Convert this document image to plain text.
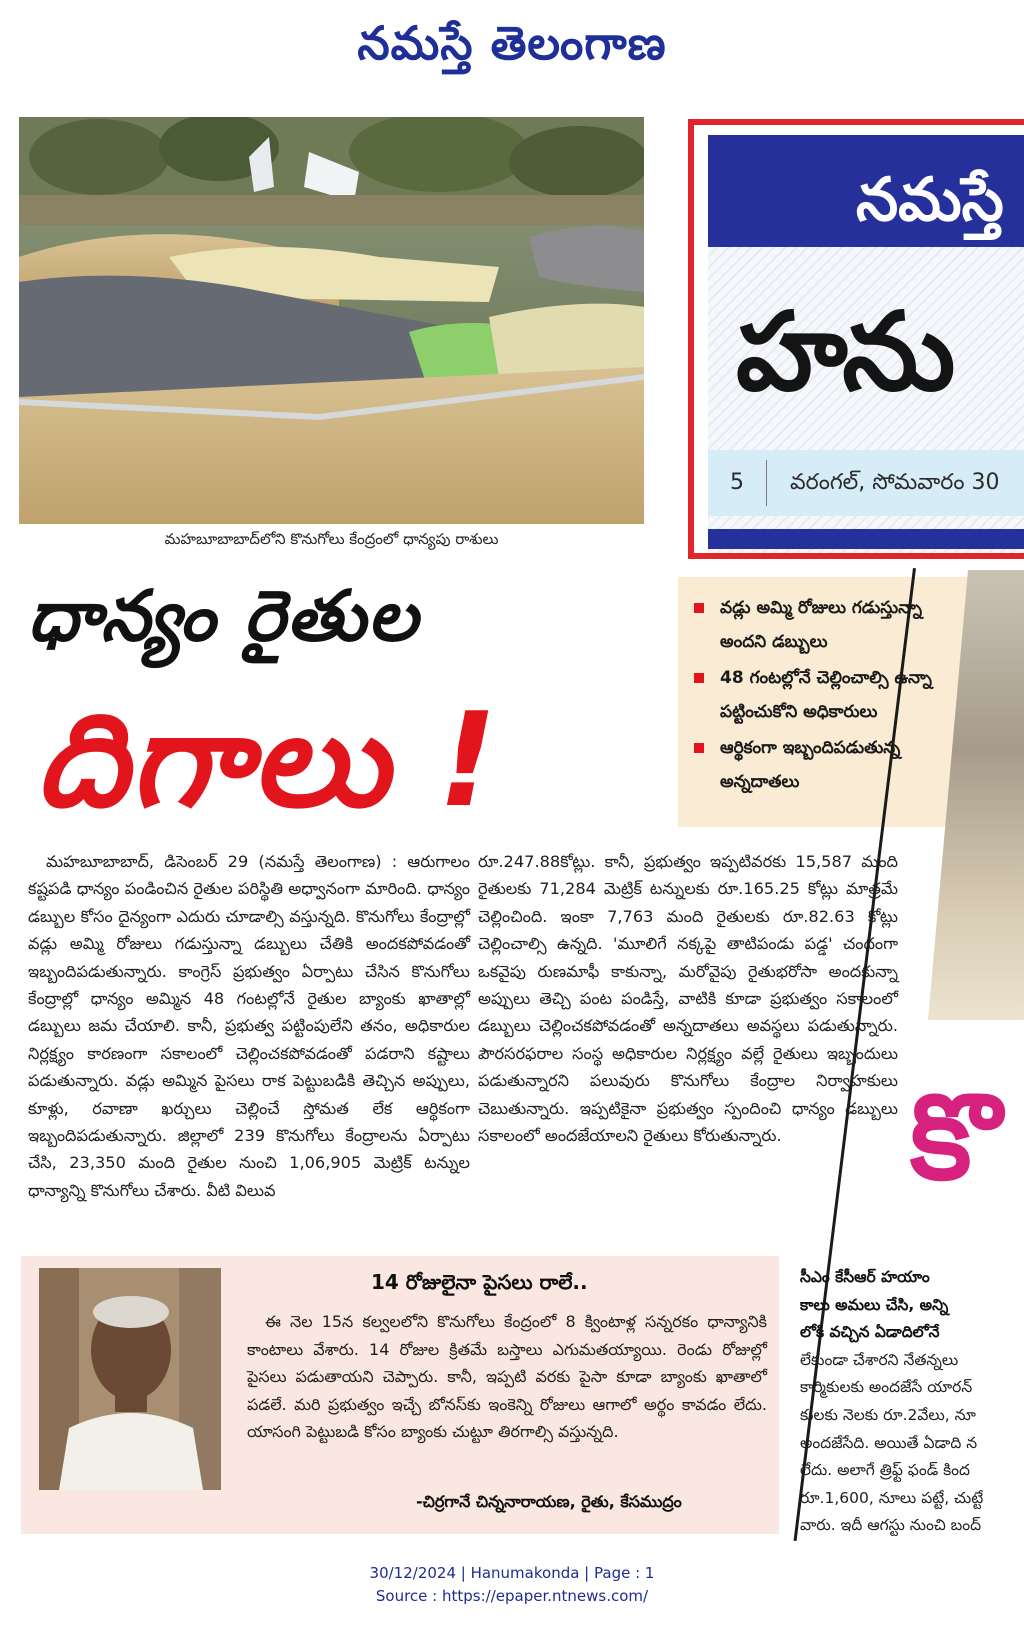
నమస్తే తెలంగాణ
మహబూబాబాద్‌లోని కొనుగోలు కేంద్రంలో ధాన్యపు రాశులు
నమస్తే
హను
5 వరంగల్, సోమవారం 30
ధాన్యం రైతుల
దిగాలు !
వడ్లు అమ్మి రోజులు గడుస్తున్నా అందని డబ్బులు
48 గంటల్లోనే చెల్లించాల్సి ఉన్నా పట్టించుకోని అధికారులు
ఆర్థికంగా ఇబ్బందిపడుతున్న అన్నదాతలు
కొ
మహబూబాబాద్, డిసెంబర్ 29 (నమస్తే తెలంగాణ) : ఆరుగాలం కష్టపడి ధాన్యం పండించిన రైతుల పరిస్థితి అధ్వానంగా మారింది. ధాన్యం డబ్బుల కోసం దైన్యంగా ఎదురు చూడాల్సి వస్తున్నది. కొనుగోలు కేంద్రాల్లో వడ్లు అమ్మి రోజులు గడుస్తున్నా డబ్బులు చేతికి అందకపోవడంతో ఇబ్బందిపడుతున్నారు. కాంగ్రెస్ ప్రభుత్వం ఏర్పాటు చేసిన కొనుగోలు కేంద్రాల్లో ధాన్యం అమ్మిన 48 గంటల్లోనే రైతుల బ్యాంకు ఖాతాల్లో డబ్బులు జమ చేయాలి. కానీ, ప్రభుత్వ పట్టింపులేని తనం, అధికారుల నిర్లక్ష్యం కారణంగా సకాలంలో చెల్లించకపోవడంతో పడరాని కష్టాలు పడుతున్నారు. వడ్లు అమ్మిన పైసలు రాక పెట్టుబడికి తెచ్చిన అప్పులు, కూళ్లు, రవాణా ఖర్చులు చెల్లించే స్తోమత లేక ఆర్థికంగా ఇబ్బందిపడుతున్నారు. జిల్లాలో 239 కొనుగోలు కేంద్రాలను ఏర్పాటు చేసి, 23,350 మంది రైతుల నుంచి 1,06,905 మెట్రిక్ టన్నుల ధాన్యాన్ని కొనుగోలు చేశారు. వీటి విలువ
రూ.247.88కోట్లు. కానీ, ప్రభుత్వం ఇప్పటివరకు 15,587 మంది రైతులకు 71,284 మెట్రిక్ టన్నులకు రూ.165.25 కోట్లు మాత్రమే చెల్లించింది. ఇంకా 7,763 మంది రైతులకు రూ.82.63 కోట్లు చెల్లించాల్సి ఉన్నది. 'మూలిగే నక్కపై తాటిపండు పడ్డ' చందంగా ఒకవైపు రుణమాఫీ కాకున్నా, మరోవైపు రైతుభరోసా అందకున్నా అప్పులు తెచ్చి పంట పండిస్తే, వాటికి కూడా ప్రభుత్వం సకాలంలో డబ్బులు చెల్లించకపోవడంతో అన్నదాతలు అవస్థలు పడుతున్నారు. పౌరసరఫరాల సంస్థ అధికారుల నిర్లక్ష్యం వల్లే రైతులు ఇబ్బందులు పడుతున్నారని పలువురు కొనుగోలు కేంద్రాల నిర్వాహకులు చెబుతున్నారు. ఇప్పటికైనా ప్రభుత్వం స్పందించి ధాన్యం డబ్బులు సకాలంలో అందజేయాలని రైతులు కోరుతున్నారు.
14 రోజులైనా పైసలు రాలే..
ఈ నెల 15న కల్వలలోని కొనుగోలు కేంద్రంలో 8 క్వింటాళ్ల సన్నరకం ధాన్యానికి కాంటాలు వేశారు. 14 రోజుల క్రితమే బస్తాలు ఎగుమతయ్యాయి. రెండు రోజుల్లో పైసలు పడుతాయని చెప్పారు. కానీ, ఇప్పటి వరకు పైసా కూడా బ్యాంకు ఖాతాలో పడలే. మరి ప్రభుత్వం ఇచ్చే బోనస్‌కు ఇంకెన్ని రోజులు ఆగాలో అర్థం కావడం లేదు. యాసంగి పెట్టుబడి కోసం బ్యాంకు చుట్టూ తిరగాల్సి వస్తున్నది.
-చిర్రగానే చిన్ననారాయణ, రైతు, కేసముద్రం
సీఎం కేసీఆర్ హయాం
కాలు అమలు చేసి, అన్ని
లోకి వచ్చిన ఏడాదిలోనే
లేకుండా చేశారని నేతన్నలు
కార్మికులకు అందజేసే యారన్
కులకు నెలకు రూ.2వేలు, నూ
అందజేసేది. అయితే ఏడాది న
లేదు. అలాగే త్రిఫ్ట్ ఫండ్ కింద
రూ.1,600, నూలు పట్టే, చుట్టే
వారు. ఇదీ ఆగస్టు నుంచి బంద్
30/12/2024 | Hanumakonda | Page : 1
Source : https://epaper.ntnews.com/
